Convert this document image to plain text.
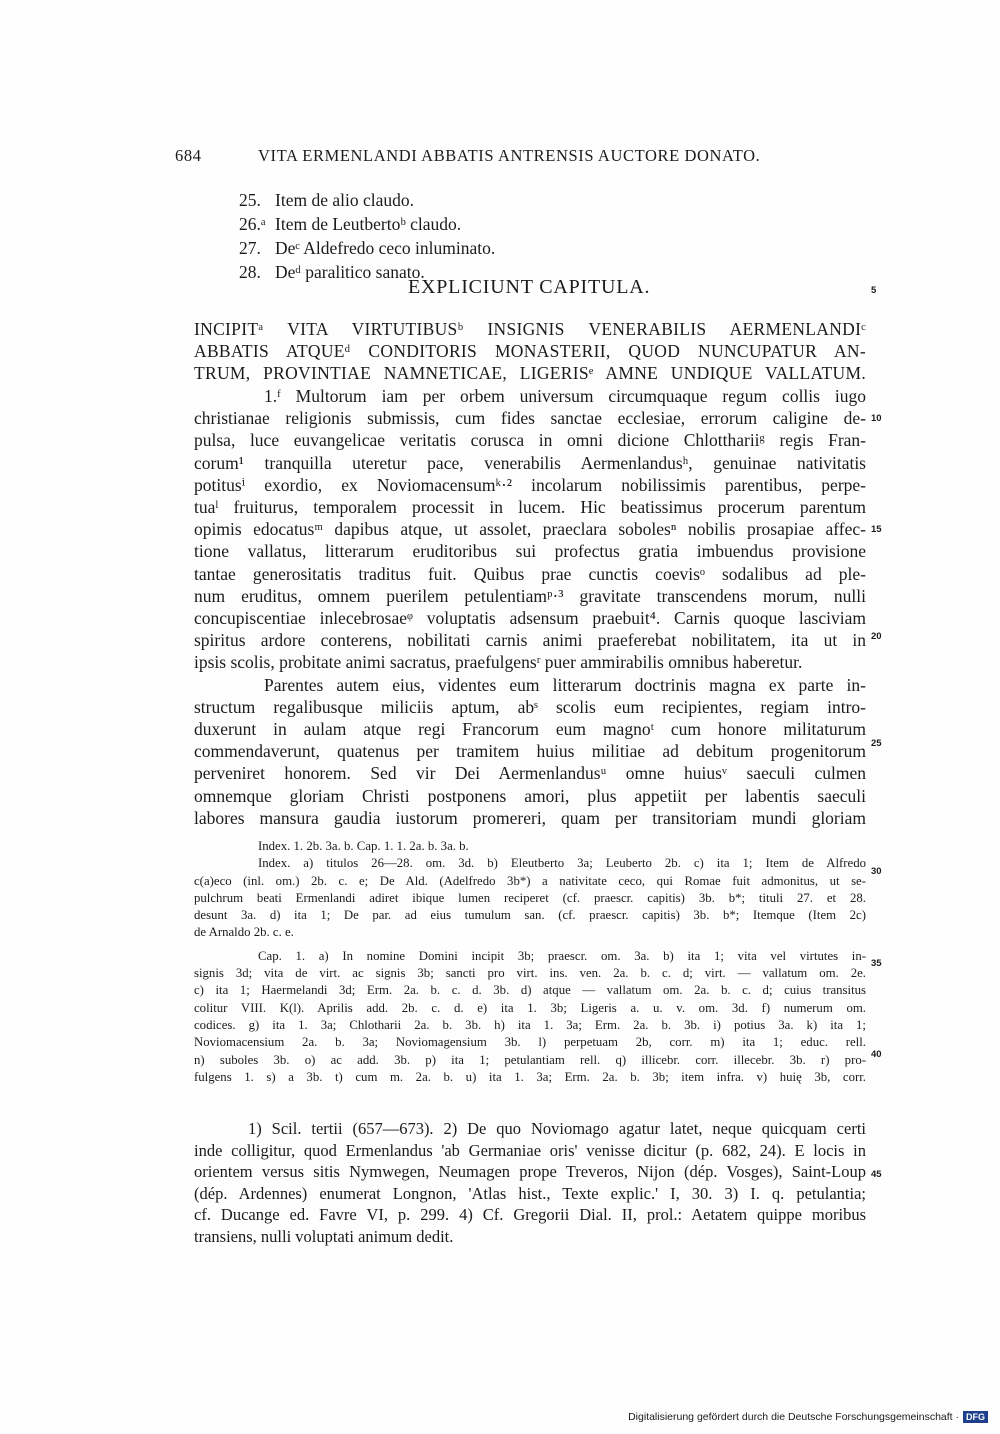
684	VITA ERMENLANDI ABBATIS ANTRENSIS AUCTORE DONATO.
25. Item de alio claudo.
26.ᵃ Item de Leutbertoᵇ claudo.
27. Deᶜ Aldefredo ceco inluminato.
28. Deᵈ paralitico sanato.
EXPLICIUNT CAPITULA.
INCIPITᵃ VITA VIRTUTIBUSᵇ INSIGNIS VENERABILIS AERMENLANDIᶜ
ABBATIS ATQUEᵈ CONDITORIS MONASTERII, QUOD NUNCUPATUR AN-
TRUM, PROVINTIAE NAMNETICAE, LIGERISᵉ AMNE UNDIQUE VALLATUM.
1.ᶠ Multorum iam per orbem universum circumquaque regum collis iugo
christianae religionis submissis, cum fides sanctae ecclesiae, errorum caligine de-
pulsa, luce euvangelicae veritatis corusca in omni dicione Chlotthariiᵍ regis Fran-
corum¹ tranquilla uteretur pace, venerabilis Aermenlandusʰ, genuinae nativitatis
potitusⁱ exordio, ex Noviomacensumᵏ·² incolarum nobilissimis parentibus, perpe-
tuaˡ fruiturus, temporalem processit in lucem. Hic beatissimus procerum parentum
opimis edocatusᵐ dapibus atque, ut assolet, praeclara sobolesⁿ nobilis prosapiae affec-
tione vallatus, litterarum eruditoribus sui profectus gratia imbuendus provisione
tantae generositatis traditus fuit. Quibus prae cunctis coevisᵒ sodalibus ad ple-
num eruditus, omnem puerilem petulentiamᵖ·³ gravitate transcendens morum, nulli
concupiscentiae inlecebrosaeᵠ voluptatis adsensum praebuit⁴. Carnis quoque lasciviam
spiritus ardore conterens, nobilitati carnis animi praeferebat nobilitatem, ita ut in
ipsis scolis, probitate animi sacratus, praefulgensʳ puer ammirabilis omnibus haberetur.
Parentes autem eius, videntes eum litterarum doctrinis magna ex parte in-
structum regalibusque miliciis aptum, abˢ scolis eum recipientes, regiam intro-
duxerunt in aulam atque regi Francorum eum magnoᵗ cum honore militaturum
commendaverunt, quatenus per tramitem huius militiae ad debitum progenitorum
perveniret honorem. Sed vir Dei Aermenlandusᵘ omne huiusᵛ saeculi culmen
omnemque gloriam Christi postponens amori, plus appetiit per labentis saeculi
labores mansura gaudia iustorum promereri, quam per transitoriam mundi gloriam
5
10
15
20
25
30
35
40
45
Index. 1. 2b. 3a. b. Cap. 1. 1. 2a. b. 3a. b.
Index. a) titulos 26—28. om. 3d. b) Eleutberto 3a; Leuberto 2b. c) ita 1; Item de Alfredo
c(a)eco (inl. om.) 2b. c. e; De Ald. (Adelfredo 3b*) a nativitate ceco, qui Romae fuit admonitus, ut se-
pulchrum beati Ermenlandi adiret ibique lumen reciperet (cf. praescr. capitis) 3b. b*; tituli 27. et 28.
desunt 3a. d) ita 1; De par. ad eius tumulum san. (cf. praescr. capitis) 3b. b*; Itemque (Item 2c)
de Arnaldo 2b. c. e.
Cap. 1. a) In nomine Domini incipit 3b; praescr. om. 3a. b) ita 1; vita vel virtutes in-
signis 3d; vita de virt. ac signis 3b; sancti pro virt. ins. ven. 2a. b. c. d; virt. — vallatum om. 2e.
c) ita 1; Haermelandi 3d; Erm. 2a. b. c. d. 3b. d) atque — vallatum om. 2a. b. c. d; cuius transitus
colitur VIII. K(l). Aprilis add. 2b. c. d. e) ita 1. 3b; Ligeris a. u. v. om. 3d. f) numerum om.
codices. g) ita 1. 3a; Chlotharii 2a. b. 3b. h) ita 1. 3a; Erm. 2a. b. 3b. i) potius 3a. k) ita 1;
Noviomacensium 2a. b. 3a; Noviomagensium 3b. l) perpetuam 2b, corr. m) ita 1; educ. rell.
n) suboles 3b. o) ac add. 3b. p) ita 1; petulantiam rell. q) illicebr. corr. illecebr. 3b. r) pro-
fulgens 1. s) a 3b. t) cum m. 2a. b. u) ita 1. 3a; Erm. 2a. b. 3b; item infra. v) huię 3b, corr.
1) Scil. tertii (657—673). 2) De quo Noviomago agatur latet, neque quicquam certi
inde colligitur, quod Ermenlandus 'ab Germaniae oris' venisse dicitur (p. 682, 24). E locis in
orientem versus sitis Nymwegen, Neumagen prope Treveros, Nijon (dép. Vosges), Saint-Loup
(dép. Ardennes) enumerat Longnon, 'Atlas hist., Texte explic.' I, 30. 3) I. q. petulantia;
cf. Ducange ed. Favre VI, p. 299. 4) Cf. Gregorii Dial. II, prol.: Aetatem quippe moribus
transiens, nulli voluptati animum dedit.
Digitalisierung gefördert durch die Deutsche Forschungsgemeinschaft · DFG
